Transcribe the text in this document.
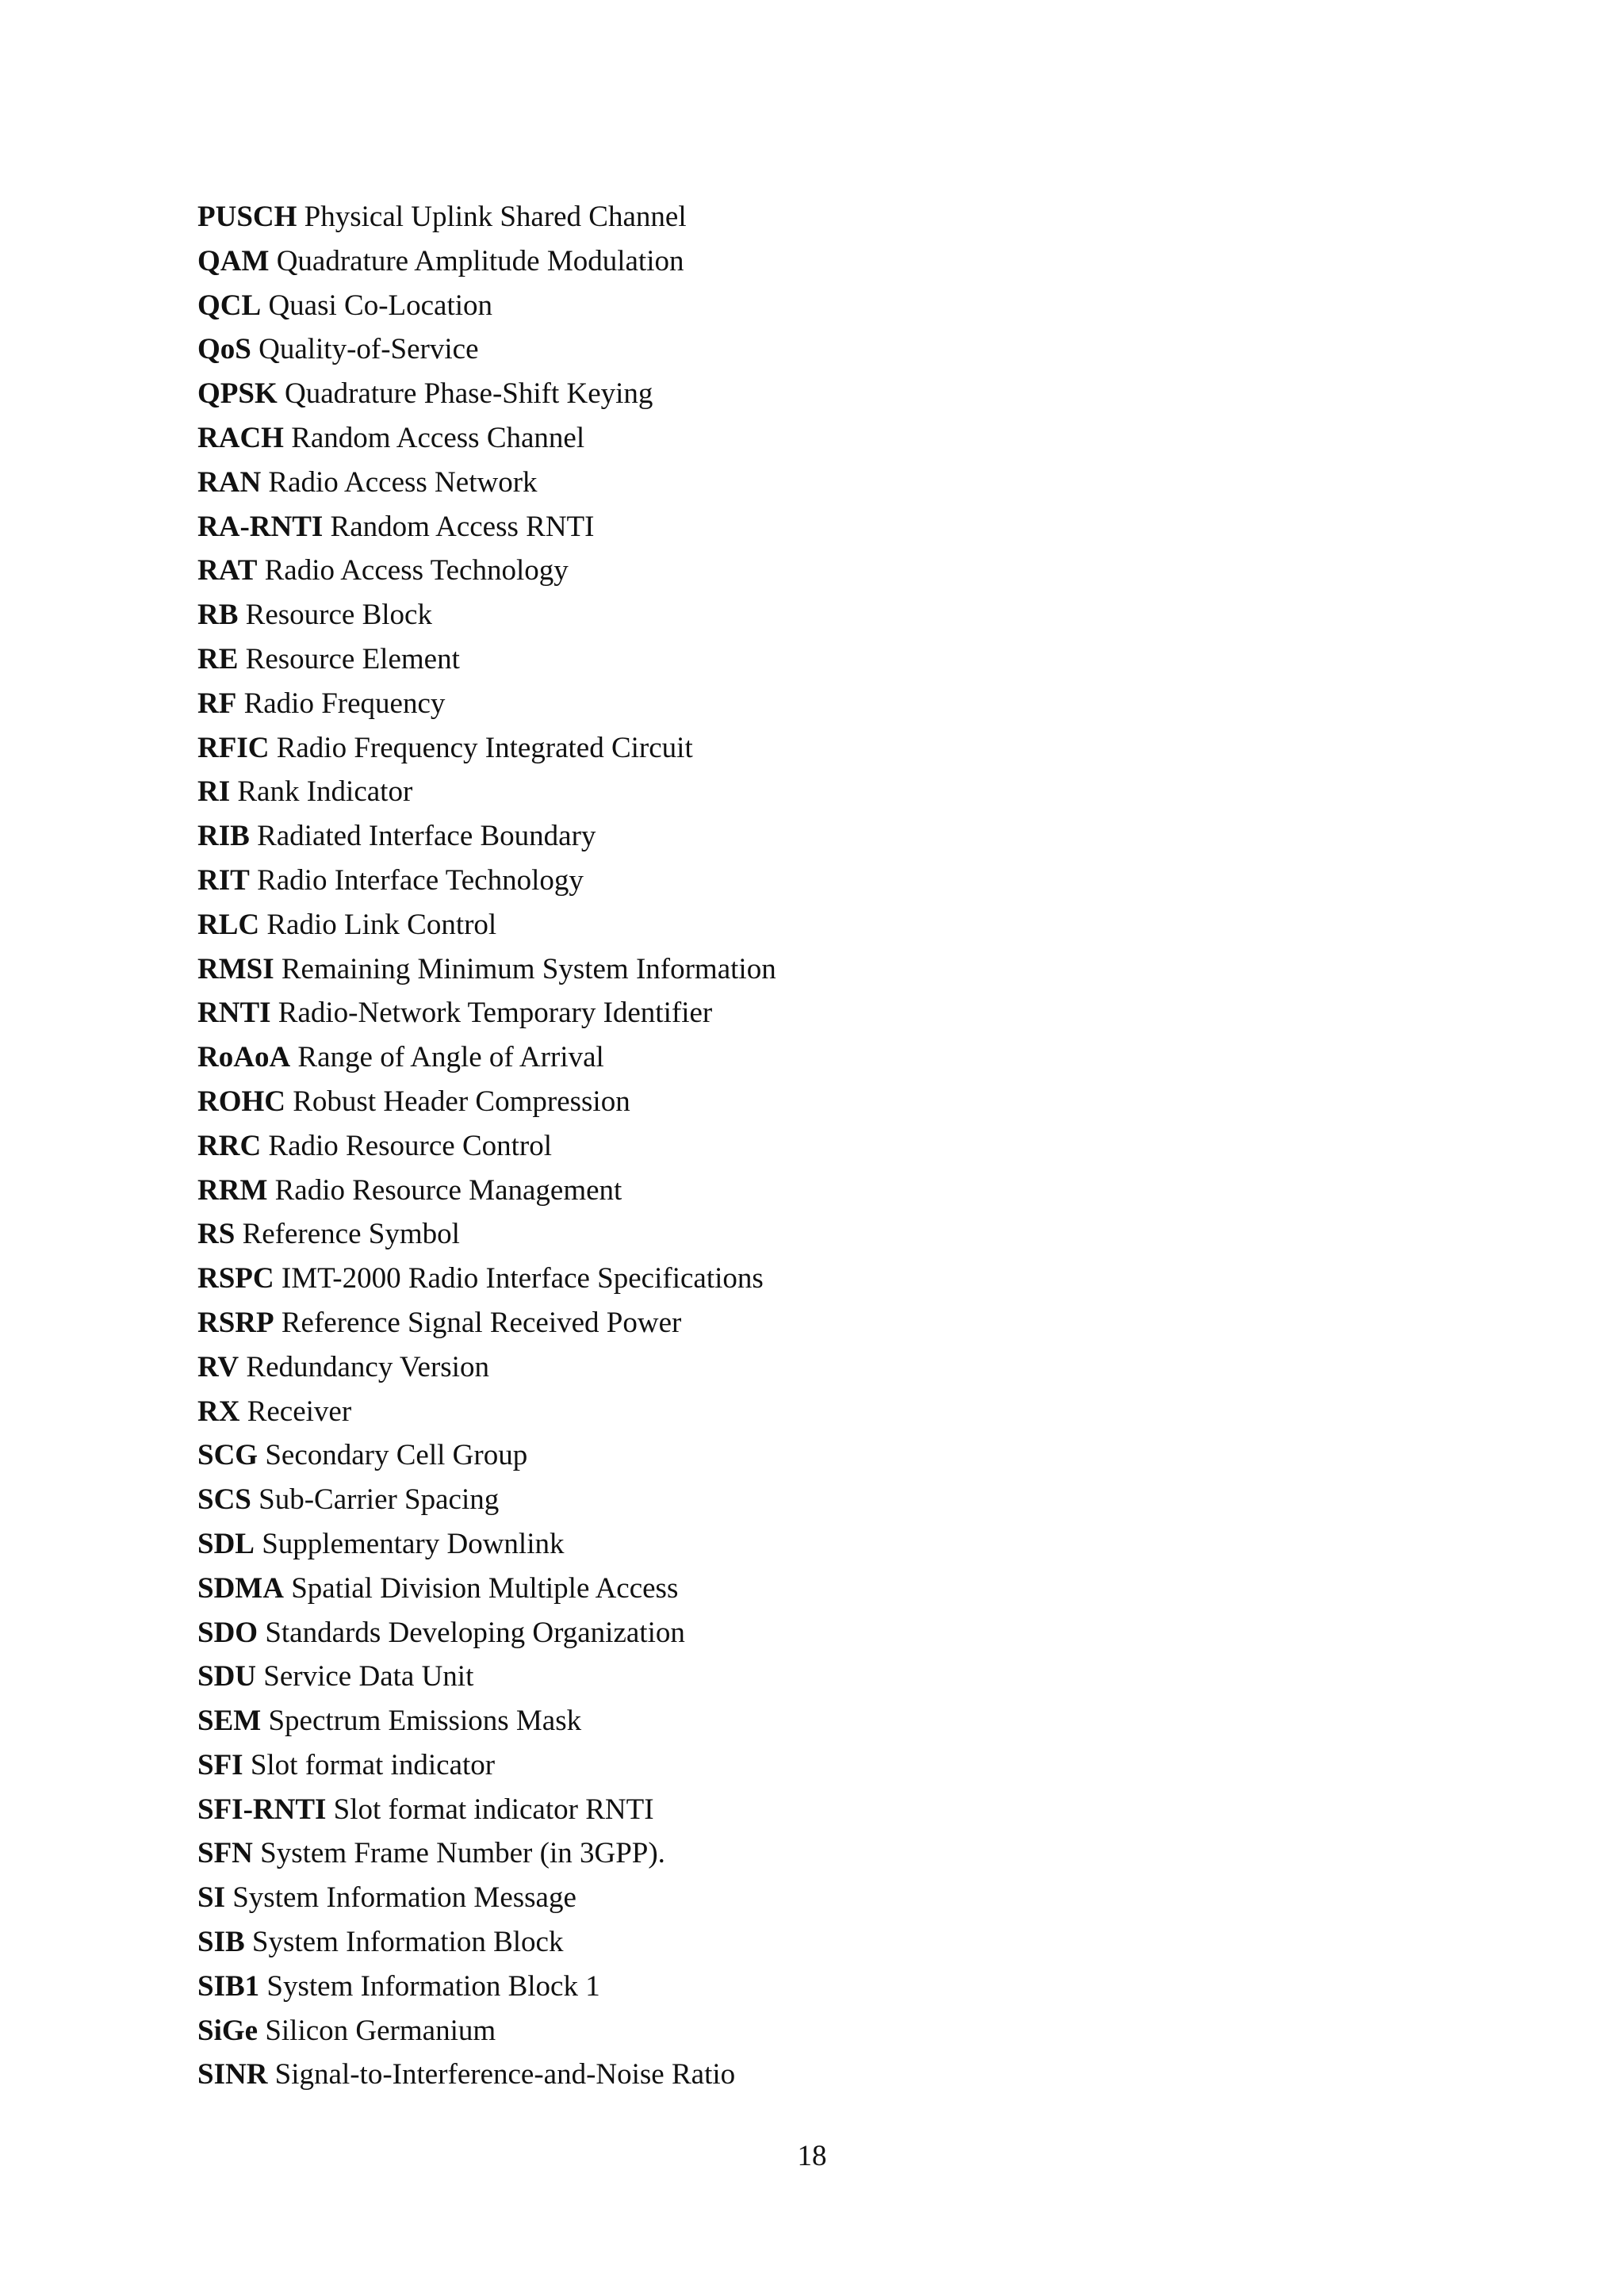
PUSCH Physical Uplink Shared Channel
QAM Quadrature Amplitude Modulation
QCL Quasi Co-Location
QoS Quality-of-Service
QPSK Quadrature Phase-Shift Keying
RACH Random Access Channel
RAN Radio Access Network
RA-RNTI Random Access RNTI
RAT Radio Access Technology
RB Resource Block
RE Resource Element
RF Radio Frequency
RFIC Radio Frequency Integrated Circuit
RI Rank Indicator
RIB Radiated Interface Boundary
RIT Radio Interface Technology
RLC Radio Link Control
RMSI Remaining Minimum System Information
RNTI Radio-Network Temporary Identifier
RoAoA Range of Angle of Arrival
ROHC Robust Header Compression
RRC Radio Resource Control
RRM Radio Resource Management
RS Reference Symbol
RSPC IMT-2000 Radio Interface Specifications
RSRP Reference Signal Received Power
RV Redundancy Version
RX Receiver
SCG Secondary Cell Group
SCS Sub-Carrier Spacing
SDL Supplementary Downlink
SDMA Spatial Division Multiple Access
SDO Standards Developing Organization
SDU Service Data Unit
SEM Spectrum Emissions Mask
SFI Slot format indicator
SFI-RNTI Slot format indicator RNTI
SFN System Frame Number (in 3GPP).
SI System Information Message
SIB System Information Block
SIB1 System Information Block 1
SiGe Silicon Germanium
SINR Signal-to-Interference-and-Noise Ratio
18
